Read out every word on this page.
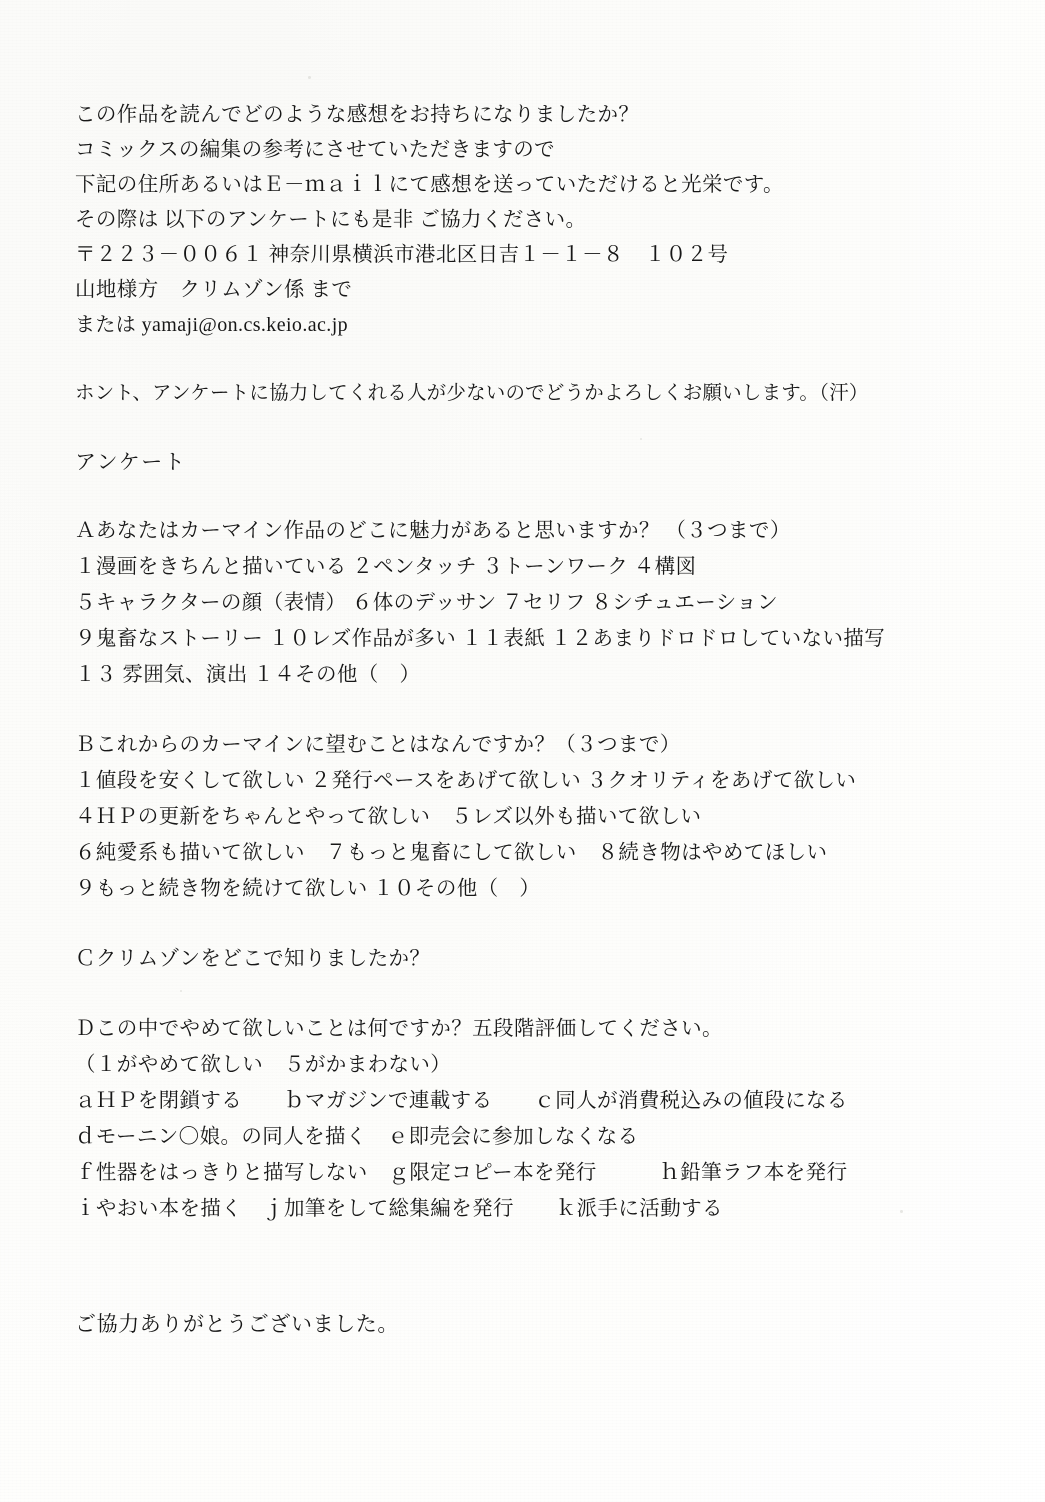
この作品を読んでどのような感想をお持ちになりましたか？
コミックスの編集の参考にさせていただきますので
下記の住所あるいはＥ－ｍａｉｌにて感想を送っていただけると光栄です。
その際は 以下のアンケートにも是非 ご協力ください。
〒２２３－００６１ 神奈川県横浜市港北区日吉１－１－８　１０２号
山地様方　クリムゾン係 まで
または yamaji@on.cs.keio.ac.jp
ホント、アンケートに協力してくれる人が少ないのでどうかよろしくお願いします。（汗）
アンケート
Ａあなたはカーマイン作品のどこに魅力があると思いますか？ （３つまで）
１漫画をきちんと描いている ２ペンタッチ ３トーンワーク ４構図
５キャラクターの顔（表情） ６体のデッサン ７セリフ ８シチュエーション
９鬼畜なストーリー １０レズ作品が多い １１表紙 １２あまりドロドロしていない描写
１３ 雰囲気、演出 １４その他（　）
Ｂこれからのカーマインに望むことはなんですか？（３つまで）
１値段を安くして欲しい ２発行ペースをあげて欲しい ３クオリティをあげて欲しい
４ＨＰの更新をちゃんとやって欲しい　５レズ以外も描いて欲しい
６純愛系も描いて欲しい　７もっと鬼畜にして欲しい　８続き物はやめてほしい
９もっと続き物を続けて欲しい １０その他（　）
Ｃクリムゾンをどこで知りましたか？
Ｄこの中でやめて欲しいことは何ですか？五段階評価してください。
（１がやめて欲しい　５がかまわない）
ａＨＰを閉鎖する　　ｂマガジンで連載する　　ｃ同人が消費税込みの値段になる
ｄモーニン〇娘。の同人を描く　ｅ即売会に参加しなくなる
ｆ性器をはっきりと描写しない　ｇ限定コピー本を発行　　　ｈ鉛筆ラフ本を発行
ｉやおい本を描く　ｊ加筆をして総集編を発行　　ｋ派手に活動する
ご協力ありがとうございました。
